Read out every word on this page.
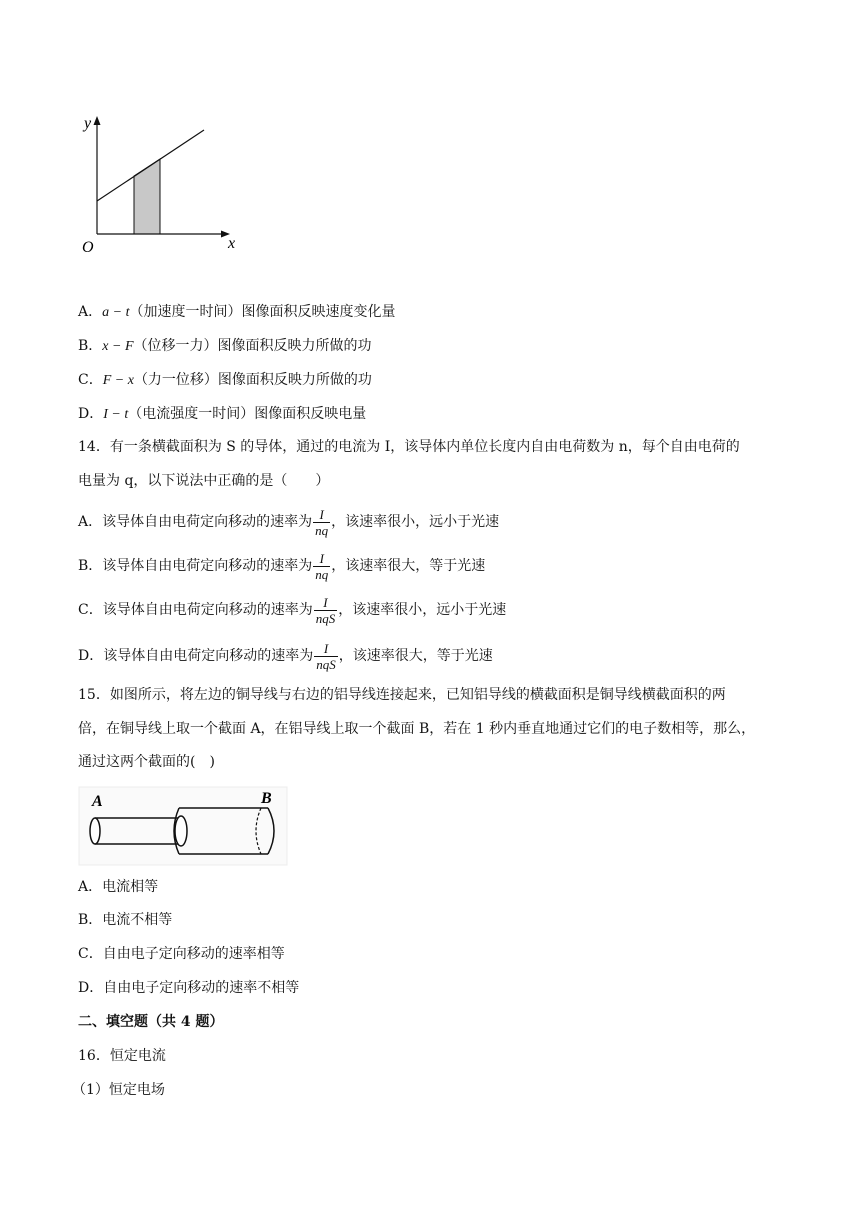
y
x
O
A．a − t（加速度一时间）图像面积反映速度变化量
B．x − F（位移一力）图像面积反映力所做的功
C．F − x（力一位移）图像面积反映力所做的功
D．I − t（电流强度一时间）图像面积反映电量
14．有一条横截面积为 S 的导体，通过的电流为 I，该导体内单位长度内自由电荷数为 n，每个自由电荷的
电量为 q，以下说法中正确的是（　　）
A．该导体自由电荷定向移动的速率为 $\frac{I}{nq}$ ，该速率很小，远小于光速
B．该导体自由电荷定向移动的速率为 $\frac{I}{nq}$ ，该速率很大，等于光速
C．该导体自由电荷定向移动的速率为 $\frac{I}{\text{nqS}}$ ，该速率很小，远小于光速
D．该导体自由电荷定向移动的速率为 $\frac{I}{\text{nqS}}$ ，该速率很大，等于光速
15．如图所示，将左边的铜导线与右边的铝导线连接起来，已知铝导线的横截面积是铜导线横截面积的两
倍，在铜导线上取一个截面 A，在铝导线上取一个截面 B，若在 1 秒内垂直地通过它们的电子数相等，那么，
通过这两个截面的(　)
A	B
A．电流相等
B．电流不相等
C．自由电子定向移动的速率相等
D．自由电子定向移动的速率不相等
二、填空题（共 4 题）
16．恒定电流
（1）恒定电场
